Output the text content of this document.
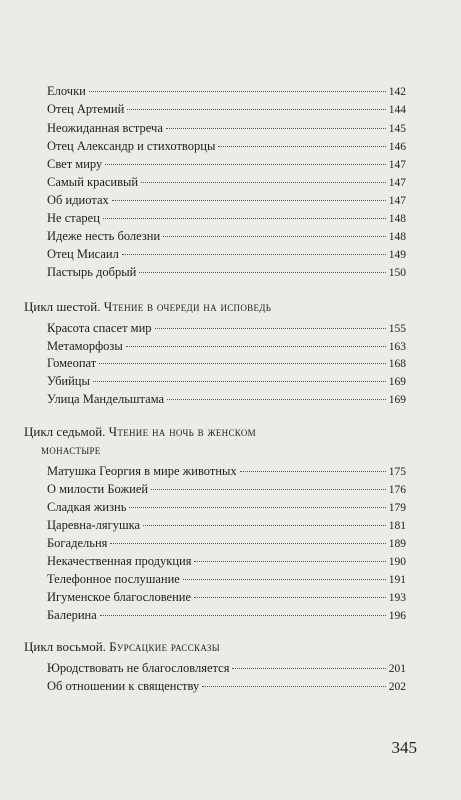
Елочки	142
Отец Артемий	144
Неожиданная встреча	145
Отец Александр и стихотворцы	146
Свет миру	147
Самый красивый	147
Об идиотах	147
Не старец	148
Идеже несть болезни	148
Отец Мисаил	149
Пастырь добрый	150
Цикл шестой. Чтение в очереди на исповедь
Красота спасет мир	155
Метаморфозы	163
Гомеопат	168
Убийцы	169
Улица Мандельштама	169
Цикл седьмой. Чтение на ночь в женском
монастыре
Матушка Георгия в мире животных	175
О милости Божией	176
Сладкая жизнь	179
Царевна-лягушка	181
Богадельня	189
Некачественная продукция	190
Телефонное послушание	191
Игуменское благословение	193
Балерина	196
Цикл восьмой. Бурсацкие рассказы
Юродствовать не благословляется	201
Об отношении к священству	202
345
